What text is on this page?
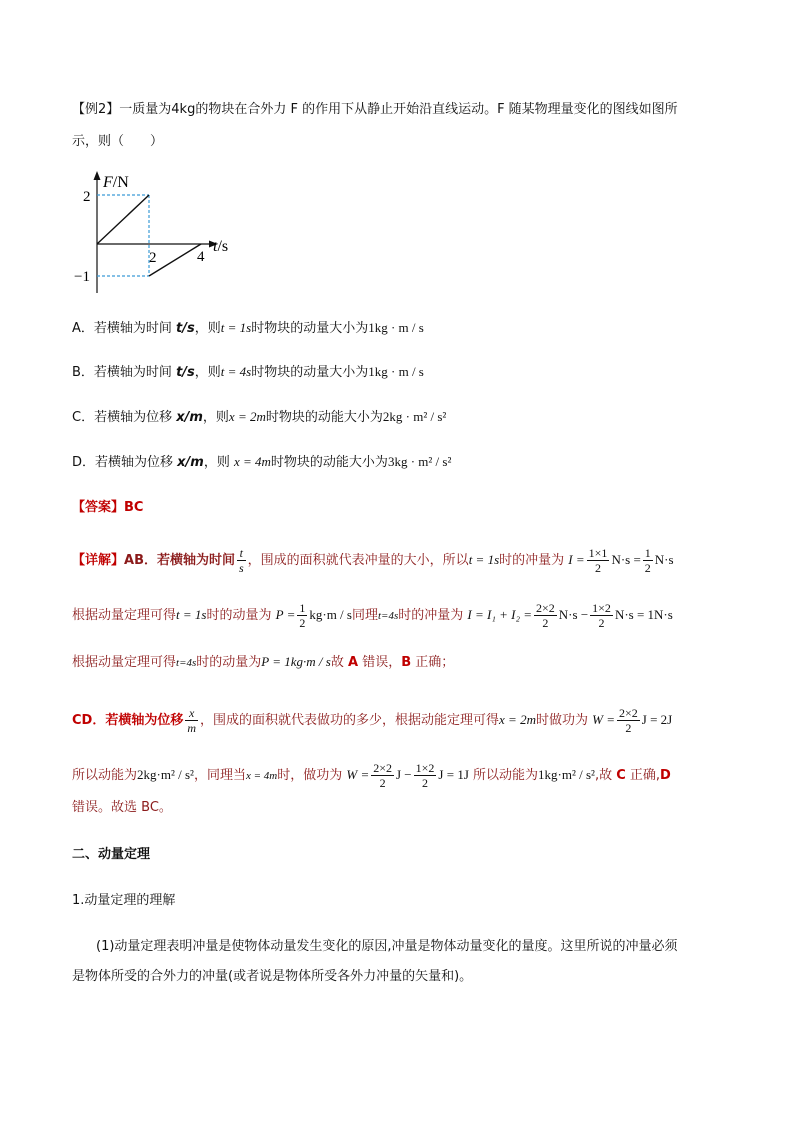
【例2】一质量为4kg的物块在合外力 F 的作用下从静止开始沿直线运动。F 随某物理量变化的图线如图所
示，则（　　）
F/N
2
−1
2	4
t/s
A．若横轴为时间 t/s，则t = 1s时物块的动量大小为1kg · m / s
B．若横轴为时间 t/s，则t = 4s时物块的动量大小为1kg · m / s
C．若横轴为位移 x/m，则x = 2m时物块的动能大小为2kg · m² / s²
D．若横轴为位移 x/m，则 x = 4m时物块的动能大小为3kg · m² / s²
【答案】BC
【详解】AB．若横轴为时间 $\frac{t}{s}$ ，围成的面积就代表冲量的大小，所以t = 1s时的冲量为 $I = \frac{1\times 1}{2} N\cdot s = \frac{1}{2} N\cdot s$
根据动量定理可得t = 1s时的动量为 $P = \frac{1}{2} kg\cdot m / s$同理t=4s时的冲量为 $I = I_1 + I_2 = \frac{2\times 2}{2} N\cdot s - \frac{1\times 2}{2} N\cdot s = 1N\cdot s$
根据动量定理可得t=4s时的动量为P = 1kg·m / s故 A 错误，B 正确；
CD．若横轴为位移 $\frac{x}{m}$ ，围成的面积就代表做功的多少，根据动能定理可得x = 2m时做功为 $W = \frac{2\times 2}{2}$ J = 2J
所以动能为2kg·m² / s²，同理当x = 4m时，做功为 $W = \frac{2\times 2}{2}$ $J - \frac{1\times 2}{2}$ J = 1J 所以动能为1kg·m² / s²,故 C 正确,D
错误。故选 BC。
二、动量定理
1.动量定理的理解
(1)动量定理表明冲量是使物体动量发生变化的原因,冲量是物体动量变化的量度。这里所说的冲量必须
是物体所受的合外力的冲量(或者说是物体所受各外力冲量的矢量和)。
